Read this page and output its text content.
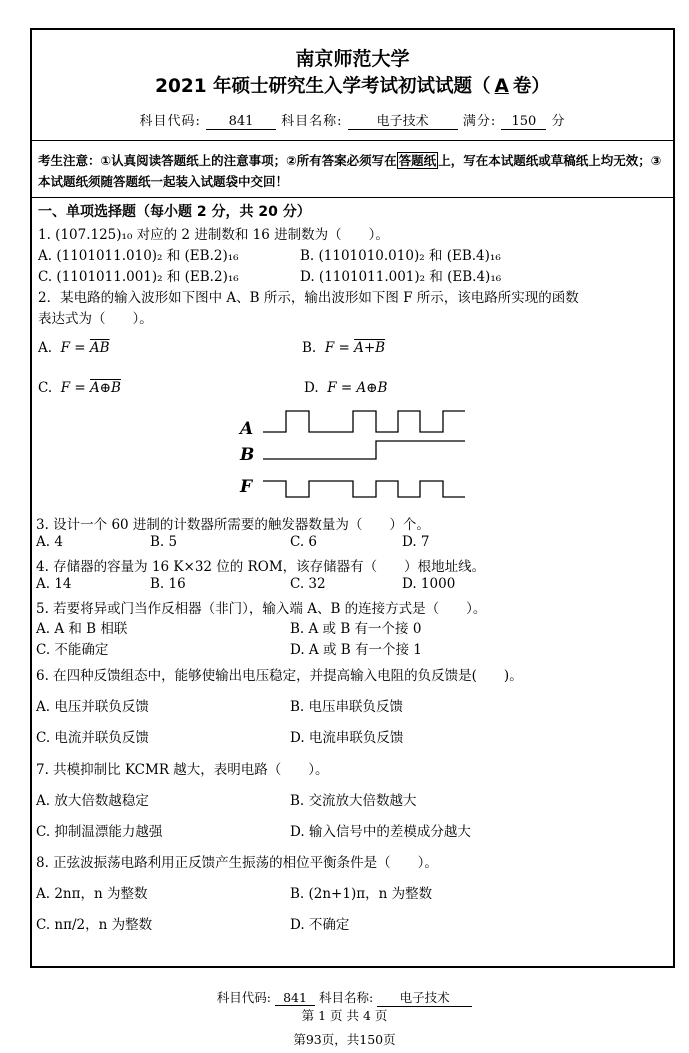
南京师范大学
2021 年硕士研究生入学考试初试试题（ A 卷）
科目代码: 841 科目名称:	电子技术	满分: 150 分
考生注意：①认真阅读答题纸上的注意事项；②所有答案必须写在 答题纸 上，写在本试题纸或草稿纸上均无效；③本试题纸须随答题纸一起装入试题袋中交回！
一、单项选择题（每小题 2 分，共 20 分）
1. (107.125)₁₀ 对应的 2 进制数和 16 进制数为（　　）。
A. (1101011.010)₂ 和 (EB.2)₁₆	B. (1101010.010)₂ 和 (EB.4)₁₆
C. (1101011.001)₂ 和 (EB.2)₁₆	D. (1101011.001)₂ 和 (EB.4)₁₆
2．某电路的输入波形如下图中 A、B 所示，输出波形如下图 F 所示，该电路所实现的函数
表达式为（　　）。
A. $F = \overline{AB}$	B. F = A+B
C. F = A⊕B	D. F = A⊕B
A
B
F
3. 设计一个 60 进制的计数器所需要的触发器数量为（　　）个。
A. 4	B. 5	C. 6	D. 7
4. 存储器的容量为 16 K×32 位的 ROM，该存储器有（　　）根地址线。
A. 14	B. 16	C. 32	D. 1000
5. 若要将异或门当作反相器（非门），输入端 A、B 的连接方式是（　　）。
A. A 和 B 相联	B. A 或 B 有一个接 0
C. 不能确定	D. A 或 B 有一个接 1
6. 在四种反馈组态中，能够使输出电压稳定，并提高输入电阻的负反馈是(　　)。
A. 电压并联负反馈	B. 电压串联负反馈
C. 电流并联负反馈	D. 电流串联负反馈
7. 共模抑制比 KCMR 越大，表明电路（　　）。
A. 放大倍数越稳定	B. 交流放大倍数越大
C. 抑制温漂能力越强	D. 输入信号中的差模成分越大
8. 正弦波振荡电路利用正反馈产生振荡的相位平衡条件是（　　）。
A. 2nπ，n 为整数	B. (2n+1)π，n 为整数
C. nπ/2，n 为整数	D. 不确定
科目代码: 841 科目名称: 电子技术
第 1 页 共 4 页
第93页，共150页
